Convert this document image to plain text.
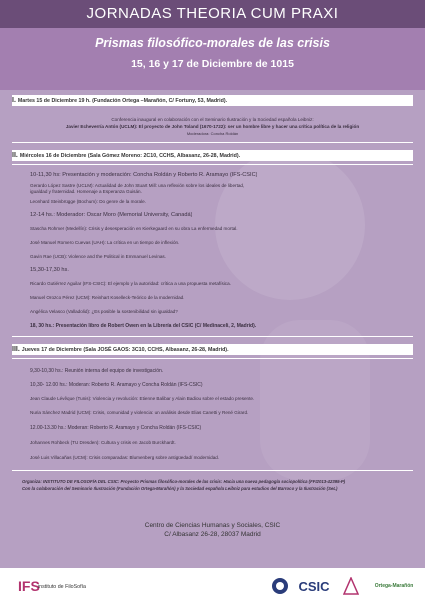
JORNADAS THEORIA CUM PRAXI
Prismas filosófico-morales de las crisis
15, 16 y 17 de Diciembre de 1015
I. Martes 15 de Diciembre 19 h. (Fundación Ortega –Marañón, C/ Fortuny, 53, Madrid).
Conferencia inaugural en colaboración con el Seminario Ilustración y la Sociedad española Leibniz:
Javier Echeverría Antón (UCLM): El proyecto de John Toland (1670-1722): ser un hombre libre y hacer una crítica política de la religión
Moderadora: Concha Roldán
II. Miércoles 16 de Diciembre (Sala Gómez Moreno: 2C10, CCHS, Albasanz, 26-28, Madrid).
10-11,30 hs: Presentación y moderación: Concha Roldán y Roberto R. Aramayo (IFS-CSIC)
Gerardo López Sastre (UCLM): Actualidad de John Stuart Mill: una reflexión sobre los ideales de libertad,
igualdad y fraternidad. Homenaje a Esperanza Guisán.
Leonhard Steinbrügge (Bochum): Do genre de la morale.
12-14 hs.: Moderador: Óscar Moro (Memorial University, Canadá)
Stascha Rohmer (Medellín): Crisis y desesperación en Kierkegaard en su obra La enfermedad mortal.
José Manuel Romero Cuevas (UAH): La crítica en un tiempo de inflexión.
Gavin Rae (UCB): Violence and the Political in Emmanuel Levinas.
15,30-17,30 hs.
Ricardo Gutiérrez Aguilar (IFS-CSIC): El ejemplo y la autoridad: crítica a una propuesta metafísica.
Manuel Orozco Pérez (UCM): Reinhart Koselleck-Teórico de la modernidad.
Angélica Velasco (Valladolid): ¿Es posible la sostenibilidad sin igualdad?
18, 30 hs.: Presentación libro de Robert Owen en la Librería del CSIC (C/ Medinaceli, 2, Madrid).
III. Jueves 17 de Diciembre (Sala JOSÉ GAOS: 3C10, CCHS, Albasanz, 26-28, Madrid).
9,30-10,30 hs.: Reunión interna del equipo de investigación.
10,30- 12.00 hs.: Moderan: Roberto R. Aramayo y Concha Roldán (IFS-CSIC)
Jean Claude Lévêque (Tunis): Violencia y revolución: Etienne Balibar y Alain Badiou sobre el estado presente.
Nuria Sánchez Madrid (UCM): Crisis, comunidad y violencia: un análisis desde Elias Canetti y René Girard.
12.00-13.30 hs.: Moderan: Roberto R. Aramayo y Concha Roldán (IFS-CSIC)
Johannes Rohbeck (TU Dresden): Cultura y crisis en Jacob Burckhardt.
José Luis Villacañas (UCM): Crisis comparadas: Blumenberg sobre antigüedad/ modernidad.
Organiza: INSTITUTO DE FILOSOFÍA DEL CSIC: Proyecto Prismas filosófico-morales de las crisis: Hacia una nueva pedagogía sociopolítica (FFI2013-42395-P)
Con la colaboración del Seminario Ilustración (Fundación Ortega-Marañón) y la Sociedad española Leibniz para estudios del Barroco y la Ilustración (SeL)
Centro de Ciencias Humanas y Sociales, CSIC
C/ Albasanz 26-28, 28037 Madrid
IFS
instituto de FiloSofía	CSIC	Ortega-Marañón
